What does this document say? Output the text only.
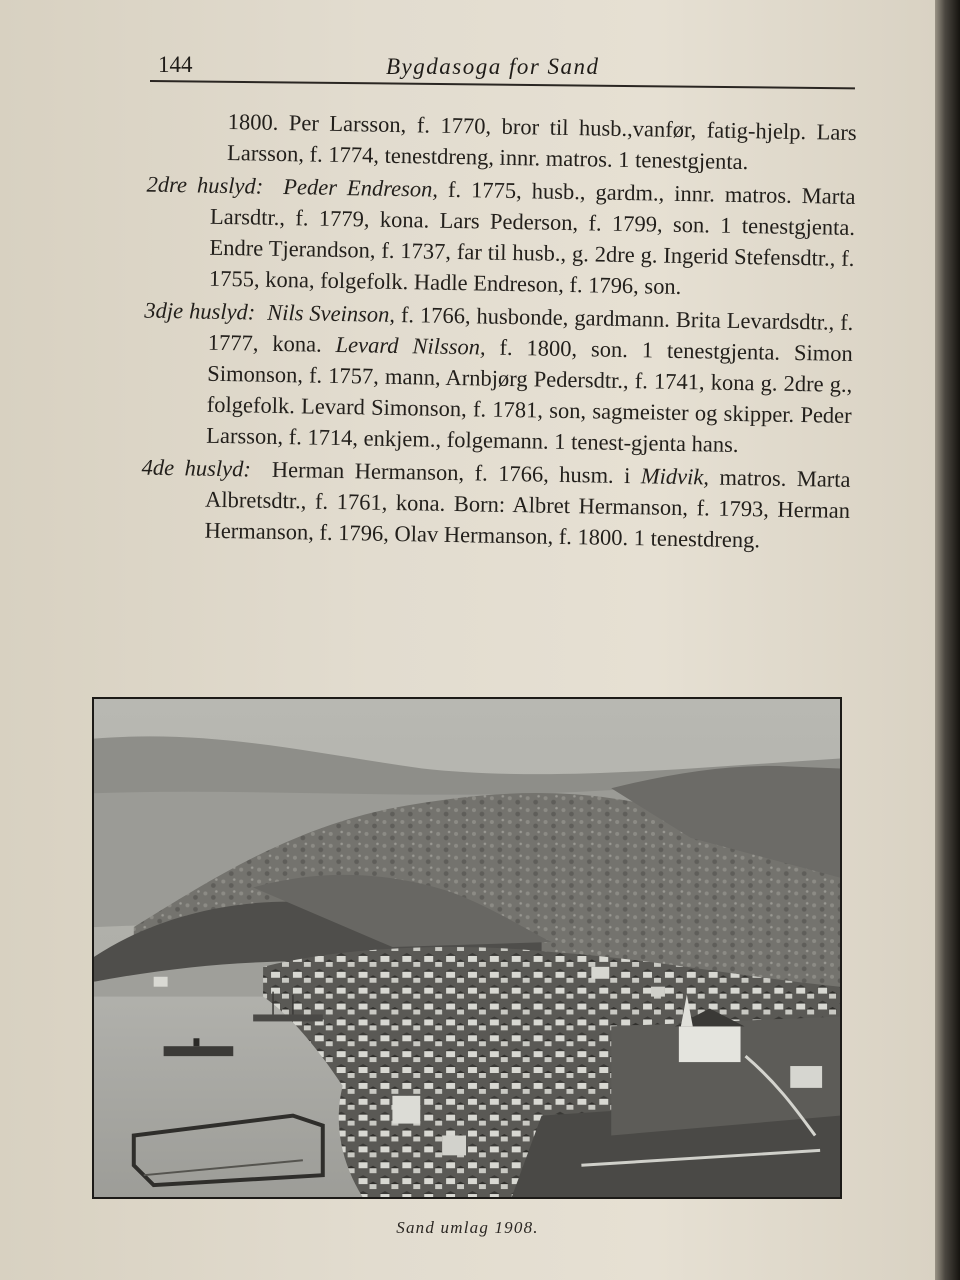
144	Bygdasoga for Sand

1800. Per Larsson, f. 1770, bror til husb.,vanfør, fatig-hjelp. Lars Larsson, f. 1774, tenestdreng, innr. matros. 1 tenestgjenta.

2dre huslyd: Peder Endreson, f. 1775, husb., gardm., innr. matros. Marta Larsdtr., f. 1779, kona. Lars Pederson, f. 1799, son. 1 tenestgjenta. Endre Tjerandson, f. 1737, far til husb., g. 2dre g. Ingerid Stefensdtr., f. 1755, kona, folgefolk. Hadle Endreson, f. 1796, son.

3dje huslyd: Nils Sveinson, f. 1766, husbonde, gardmann. Brita Levardsdtr., f. 1777, kona. Levard Nilsson, f. 1800, son. 1 tenestgjenta. Simon Simonson, f. 1757, mann, Arnbjørg Pedersdtr., f. 1741, kona g. 2dre g., folgefolk. Levard Simonson, f. 1781, son, sagmeister og skipper. Peder Larsson, f. 1714, enkjem., folgemann. 1 tenest-gjenta hans.

4de huslyd: Herman Hermanson, f. 1766, husm. i Midvik, matros. Marta Albretsdtr., f. 1761, kona. Born: Albret Hermanson, f. 1793, Herman Hermanson, f. 1796, Olav Hermanson, f. 1800. 1 tenestdreng.

Sand umlag 1908.
